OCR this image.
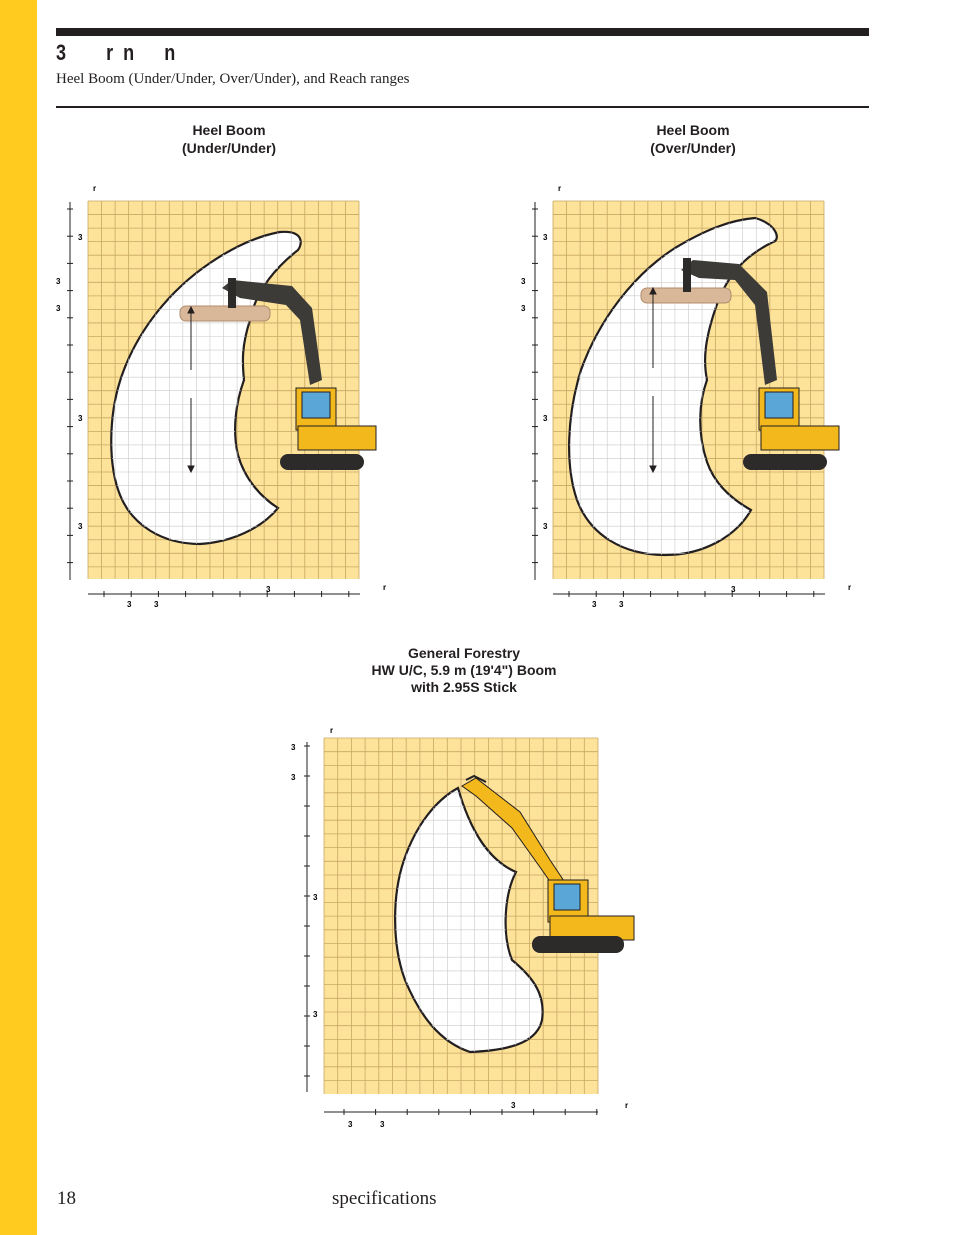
3        r  n      n
Heel Boom (Under/Under, Over/Under), and Reach ranges
Heel Boom
(Under/Under)
Heel Boom
(Over/Under)
General Forestry
HW U/C, 5.9 m (19'4") Boom
with 2.95S Stick
r
r
3
3
3
3
3
3
3	3
r
r
3
3
3
3
3
3
3	3
r
r
3
3
3
3
3
3	3
18	specifications
